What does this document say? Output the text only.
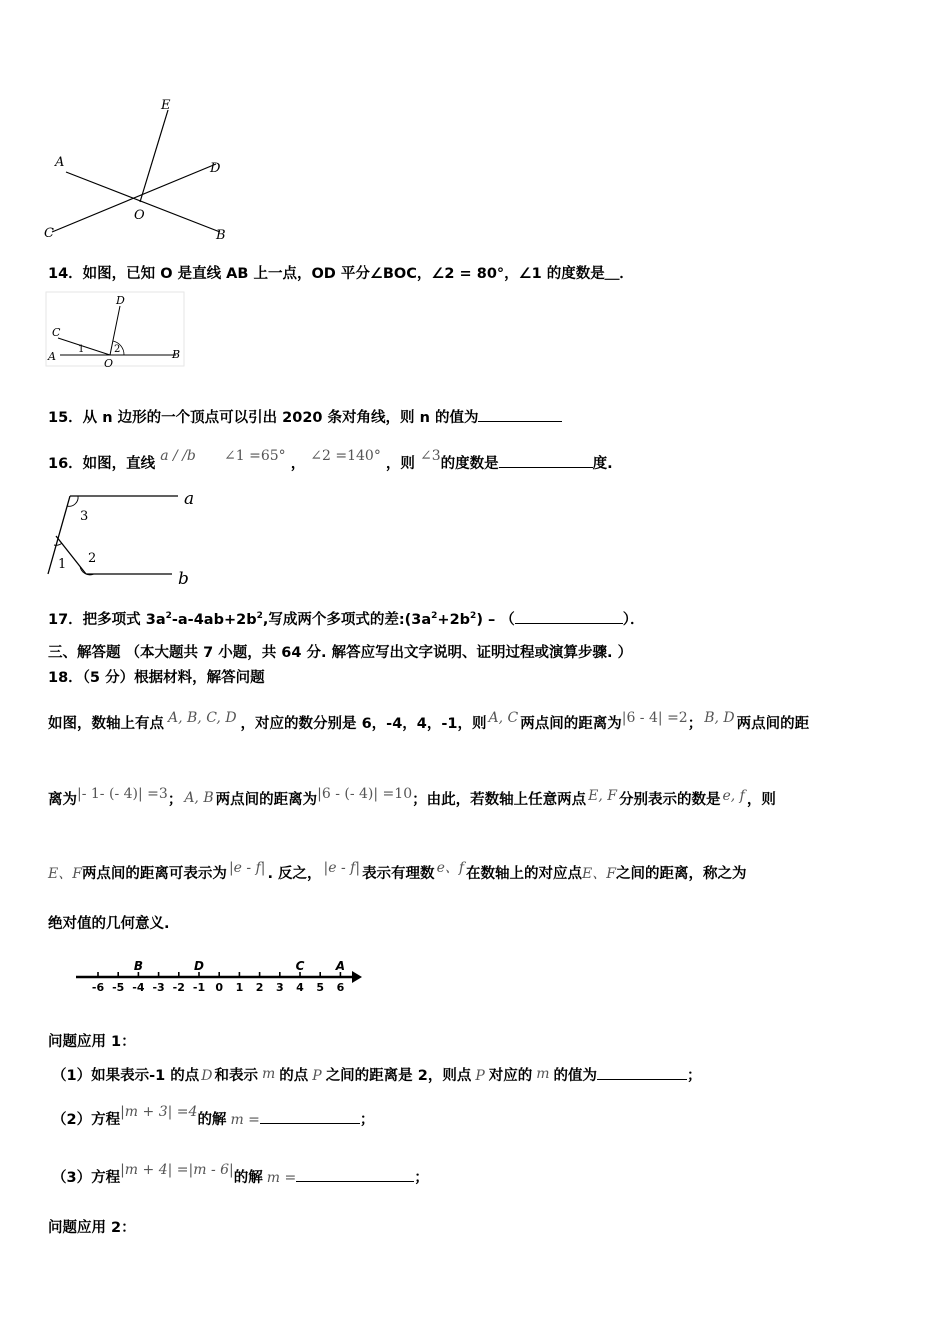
E
A	D
O
C	B
14．如图，已知 O 是直线 AB 上一点，OD 平分∠BOC，∠2 = 80°，∠1 的度数是＿．
D
C
A
1	2
O
B
15．从 n 边形的一个顶点可以引出 2020 条对角线，则 n 的值为
16．如图，直线 a / /b ∠1 =65° ， ∠2 =140° ，则 ∠3的度数是	度.
a
3
1 2
b
17．把多项式 $3a^2-a-4ab+2b^2$,写成两个多项式的差$:(3a^2+2b^2)$ – （	）．
三、解答题 （本大题共 7 小题，共 64 分. 解答应写出文字说明、证明过程或演算步骤. ）
18．（5 分）根据材料，解答问题
如图，数轴上有点 A, B, C, D ，对应的数分别是 6，-4，4，-1，则 A, C 两点间的距离为|6 - 4| =2； B, D 两点间的距
离为|- 1- (- 4)| =3； A, B 两点间的距离为|6 - (- 4)| =10；由此，若数轴上任意两点 E, F 分别表示的数是 e, f ，则
E、F两点间的距离可表示为 |e - f| . 反之， |e - f| 表示有理数 e、f 在数轴上的对应点E、F之间的距离，称之为
绝对值的几何意义.
-6 -5 -4 -3 -2 -1 0 1 2 3 4 5 6
B	D	C	A
问题应用 1：
（1）如果表示-1 的点 D 和表示 m 的点 P 之间的距离是 2，则点 P 对应的 m 的值为	；
（2）方程|m + 3| =4的解 m =	；
（3）方程|m + 4| =|m - 6|的解 m =	；
问题应用 2：
